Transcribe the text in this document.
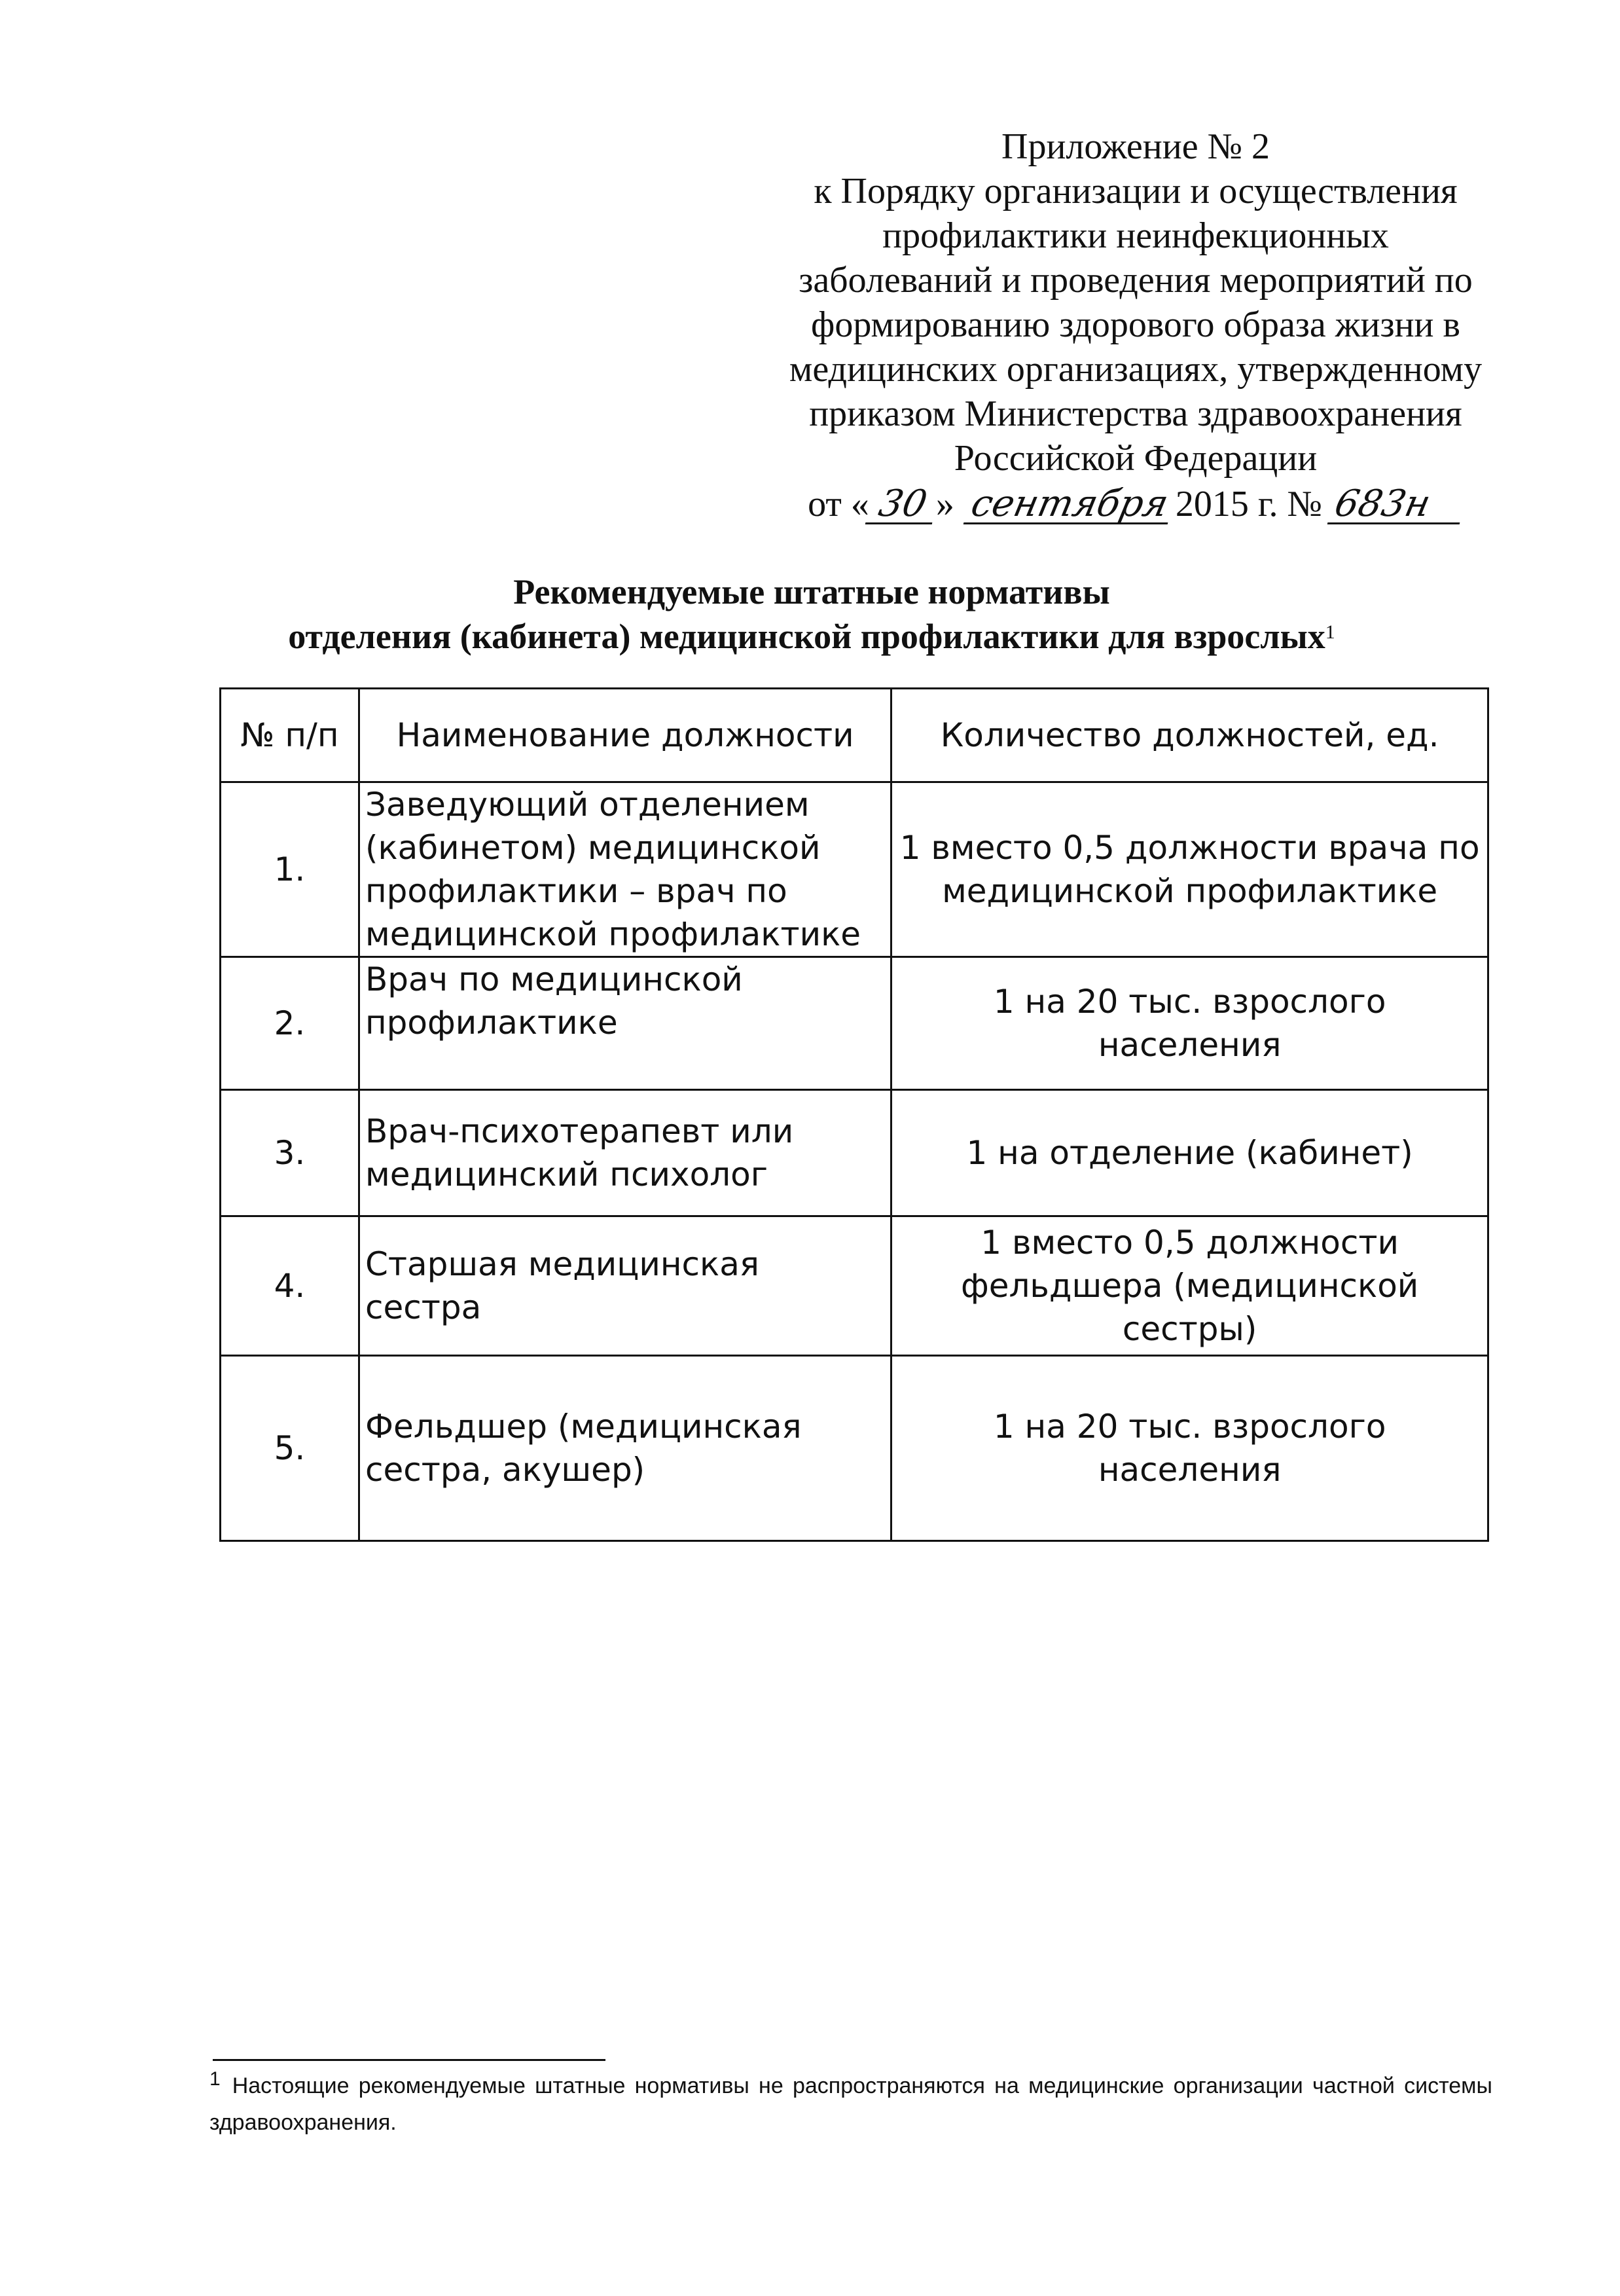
Приложение № 2
к Порядку организации и осуществления
профилактики неинфекционных
заболеваний и проведения мероприятий по
формированию здорового образа жизни в
медицинских организациях, утвержденному
приказом Министерства здравоохранения
Российской Федерации
от « 30 » сентября2015 г. № 683н
Рекомендуемые штатные нормативы
отделения (кабинета) медицинской профилактики для взрослых$^1$
№ п/п	Наименование должности	Количество должностей, ед.
1.	Заведующий отделением (кабинетом) медицинской профилактики – врач по медицинской профилактике	1 вместо 0,5 должности врача по медицинской профилактике
2.	Врач по медицинской профилактике	1 на 20 тыс. взрослого населения
3.	Врач-психотерапевт или медицинский психолог	1 на отделение (кабинет)
4.	Старшая медицинская сестра	1 вместо 0,5 должности фельдшера (медицинской сестры)
5.	Фельдшер (медицинская сестра, акушер)	1 на 20 тыс. взрослого населения
1 Настоящие рекомендуемые штатные нормативы не распространяются на медицинские организации частной системы здравоохранения.
